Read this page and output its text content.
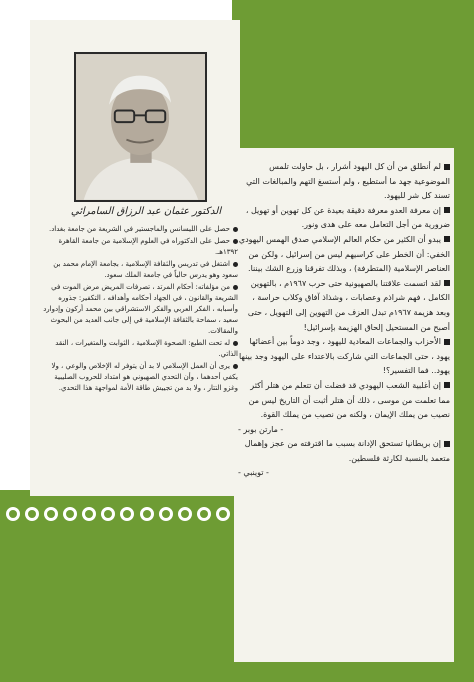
الدكتور عثمان عبد الرزاق السامرائي

حصل على الليسانس والماجستير في الشريعة من جامعة بغداد.

حصل على الدكتوراه في العلوم الإسلامية من جامعة القاهرة ١٣٩٢هـ.

اشتغل في تدريس والثقافة الإسلامية ، بجامعة الإمام محمد بن سعود وهو يدرس حالياً في جامعة الملك سعود.

من مؤلفاته: أحكام المرتد ، تصرفات المريض مرض الموت في الشريعة والقانون ، في الجهاد أحكامه وأهدافه ، التكفير: جذوره وأسبابه ، الفكر العربي والفكر الاستشراقي بين محمد أركون وإدوارد سعيد ، سماحة بالثقافة الإسلامية في إلى جانب العديد من البحوث والمقالات.

له تحت الطبع: الصحوة الإسلامية ، الثوابت والمتغيرات ، النقد الذاتي.

يرى أن العمل الإسلامي لا بد أن يتوفر له الإخلاص والوعي ، ولا يكفي أحدهما ، وأن التحدي الصهيوني هو امتداد للحروب الصليبية وغزو التتار ، ولا بد من تجييش طاقة الأمة لمواجهة هذا التحدي.

لم أنطلق من أن كل اليهود أشرار ، بل حاولت تلمس الموضوعية جهد ما أستطيع ، ولم أستسغ التهم والمبالغات التي تسند كل شر لليهود.

إن معرفة العدو معرفة دقيقة بعيدة عن كل تهوين أو تهويل ، ضرورية من أجل التعامل معه على هدى ونور.

يبدو أن الكثير من حكام العالم الإسلامي صدق الهمس اليهودي الخفي: أن الخطر على كراسيهم ليس من إسرائيل ، ولكن من العناصر الإسلامية (المتطرفة) ، وبذلك تفرقنا وزرع الشك بيننا.

لقد اتسمت علاقتنا بالصهيونية حتى حرب ١٩٦٧م ، بالتهوين الكامل ، فهم شراذم وعصابات ، وشذاذ آفاق وكلاب حراسة ، وبعد هزيمة ١٩٦٧م تبدل العزف من التهوين إلى التهويل ، حتى أصبح من المستحيل إلحاق الهزيمة بإسرائيل!

الأحزاب والجماعات المعادية لليهود ، وجد دوماً بين أعضائها يهود ، حتى الجماعات التي شاركت بالاعتداء على اليهود وجد بينها يهود.. فما التفسير؟!

إن أغلبية الشعب اليهودي قد فضلت أن تتعلم من هتلر أكثر مما تعلمت من موسى ، ذلك أن هتلر أثبت أن التاريخ ليس من نصيب من يملك الإيمان ، ولكنه من نصيب من يملك القوة.

- مارتن بوبر -

إن بريطانيا تستحق الإدانة بسبب ما اقترفته من عجز وإهمال متعمد بالنسبة لكارثة فلسطين.

- توينبي -
